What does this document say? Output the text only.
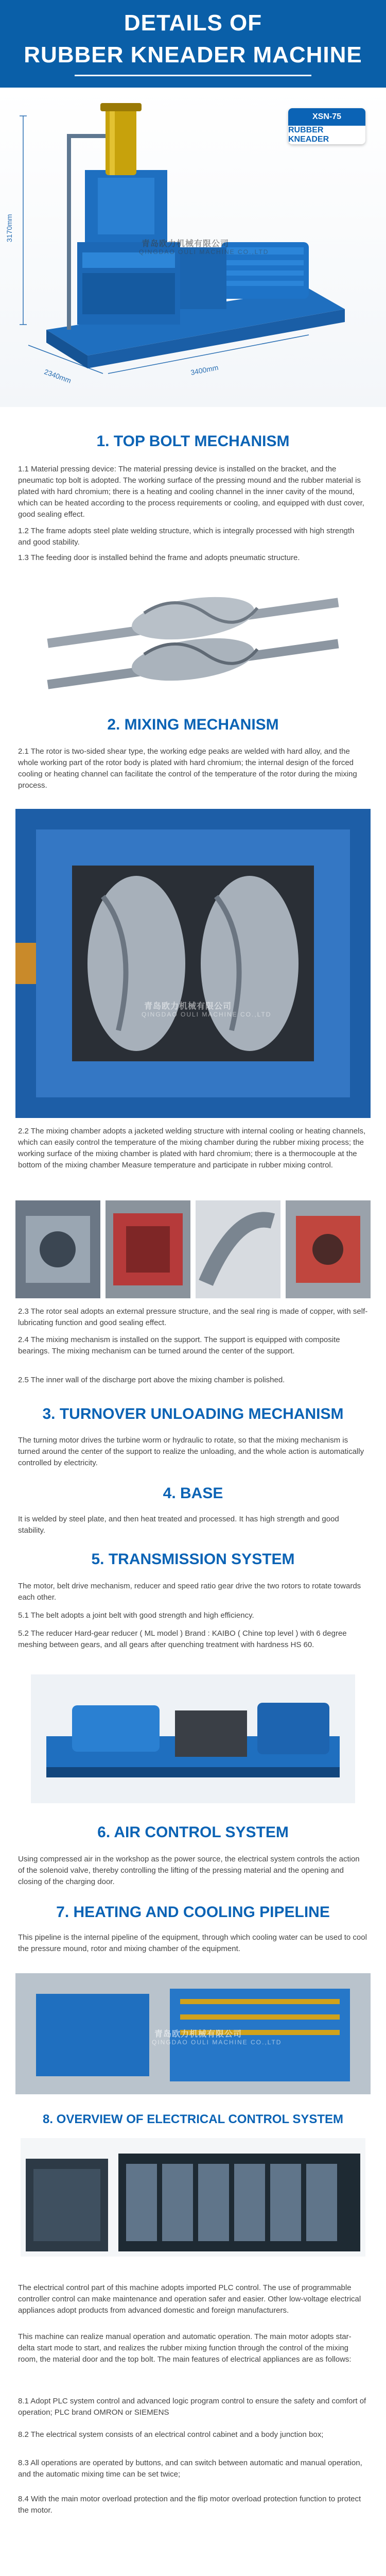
DETAILS OF
RUBBER KNEADER MACHINE
3170mm
2340mm	3400mm
青岛欧力机械有限公司
QINGDAO OULI MACHINE CO.,LTD
XSN-75
RUBBER KNEADER
1. TOP BOLT MECHANISM
1.1 Material pressing device: The material pressing device is installed on the bracket, and the pneumatic top bolt is adopted. The working surface of the pressing mound and the rubber material is plated with hard chromium; there is a heating and cooling channel in the inner cavity of the mound, which can be heated according to the process requirements or cooling, and equipped with dust cover, good sealing effect.
1.2 The frame adopts steel plate welding structure, which is integrally processed with high strength and good stability.
1.3 The feeding door is installed behind the frame and adopts pneumatic structure.
2. MIXING MECHANISM
2.1 The rotor is two-sided shear type, the working edge peaks are welded with hard alloy, and the whole working part of the rotor body is plated with hard chromium; the internal design of the forced cooling or heating channel can facilitate the control of the temperature of the rotor during the mixing process.
青岛欧力机械有限公司
QINGDAO OULI MACHINE CO.,LTD
2.2 The mixing chamber adopts a jacketed welding structure with internal cooling or heating channels, which can easily control the temperature of the mixing chamber during the rubber mixing process; the working surface of the mixing chamber is plated with hard chromium; there is a thermocouple at the bottom of the mixing chamber Measure temperature and participate in rubber mixing control.
2.3 The rotor seal adopts an external pressure structure, and the seal ring is made of copper, with self-lubricating function and good sealing effect.
2.4 The mixing mechanism is installed on the support. The support is equipped with composite bearings. The mixing mechanism can be turned around the center of the support.
2.5 The inner wall of the discharge port above the mixing chamber is polished.
3. TURNOVER UNLOADING MECHANISM
The turning motor drives the turbine worm or hydraulic to rotate, so that the mixing mechanism is turned around the center of the support to realize the unloading, and the whole action is automatically controlled by electricity.
4. BASE
It is welded by steel plate, and then heat treated and processed. It has high strength and good stability.
5. TRANSMISSION SYSTEM
The motor, belt drive mechanism, reducer and speed ratio gear drive the two rotors to rotate towards each other.
5.1 The belt adopts a joint belt with good strength and high efficiency.
5.2 The reducer Hard-gear reducer ( ML model ) Brand : KAIBO ( Chine top level ) with 6 degree meshing between gears, and all gears after quenching treatment with hardness HS 60.
6. AIR CONTROL SYSTEM
Using compressed air in the workshop as the power source, the electrical system controls the action of the solenoid valve, thereby controlling the lifting of the pressing material and the opening and closing of the charging door.
7. HEATING AND COOLING PIPELINE
This pipeline is the internal pipeline of the equipment, through which cooling water can be used to cool the pressure mound, rotor and mixing chamber of the equipment.
青岛欧力机械有限公司
QINGDAO OULI MACHINE CO.,LTD
8. OVERVIEW OF ELECTRICAL CONTROL SYSTEM
The electrical control part of this machine adopts imported PLC control. The use of programmable controller control can make maintenance and operation safer and easier. Other low-voltage electrical appliances adopt products from advanced domestic and foreign manufacturers.
This machine can realize manual operation and automatic operation. The main motor adopts star-delta start mode to start, and realizes the rubber mixing function through the control of the mixing room, the material door and the top bolt. The main features of electrical appliances are as follows:
8.1 Adopt PLC system control and advanced logic program control to ensure the safety and comfort of operation; PLC brand OMRON or SIEMENS
8.2 The electrical system consists of an electrical control cabinet and a body junction box;
8.3 All operations are operated by buttons, and can switch between automatic and manual operation, and the automatic mixing time can be set twice;
8.4 With the main motor overload protection and the flip motor overload protection function to protect the motor.
